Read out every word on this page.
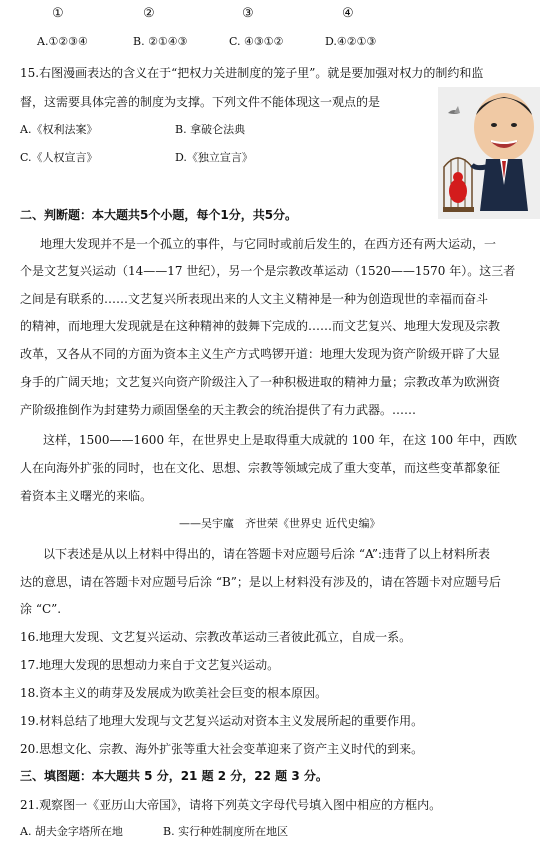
①	②	③	④
A.①②③④	B. ②①④③	C. ④③①②	D.④②①③
15.右图漫画表达的含义在于“把权力关进制度的笼子里”。就是要加强对权力的制约和监
督，这需要具体完善的制度为支撑。下列文件不能体现这一观点的是
A.《权利法案》	B. 拿破仑法典
C.《人权宣言》	D.《独立宣言》
二、判断题：本大题共5个小题，每个1分，共5分。
地理大发现并不是一个孤立的事件，与它同时或前后发生的，在西方还有两大运动，一
个是文艺复兴运动（14——17 世纪），另一个是宗教改革运动（1520——1570 年）。这三者
之间是有联系的……文艺复兴所表现出来的人文主义精神是一种为创造现世的幸福而奋斗
的精神，而地理大发现就是在这种精神的鼓舞下完成的……而文艺复兴、地理大发现及宗教
改革，又各从不同的方面为资本主义生产方式鸣锣开道：地理大发现为资产阶级开辟了大显
身手的广阔天地；文艺复兴向资产阶级注入了一种积极进取的精神力量；宗教改革为欧洲资
产阶级推倒作为封建势力顽固堡垒的天主教会的统治提供了有力武器。……
这样，1500——1600 年，在世界史上是取得重大成就的 100 年，在这 100 年中，西欧
人在向海外扩张的同时，也在文化、思想、宗教等领域完成了重大变革，而这些变革都象征
着资本主义曙光的来临。
——吴宇廑　齐世荣《世界史 近代史编》
以下表述是从以上材料中得出的，请在答题卡对应题号后涂 “A”:违背了以上材料所表
达的意思，请在答题卡对应题号后涂 “B”；是以上材料没有涉及的，请在答题卡对应题号后
涂 “C”.
16.地理大发现、文艺复兴运动、宗教改革运动三者彼此孤立，自成一系。
17.地理大发现的思想动力来自于文艺复兴运动。
18.资本主义的萌芽及发展成为欧美社会巨变的根本原因。
19.材料总结了地理大发现与文艺复兴运动对资本主义发展所起的重要作用。
20.思想文化、宗教、海外扩张等重大社会变革迎来了资产主义时代的到来。
三、填图题：本大题共 5 分，21 题 2 分，22 题 3 分。
21.观察图一《亚历山大帝国》，请将下列英文字母代号填入图中相应的方框内。
A. 胡夫金字塔所在地	B. 实行种姓制度所在地区
